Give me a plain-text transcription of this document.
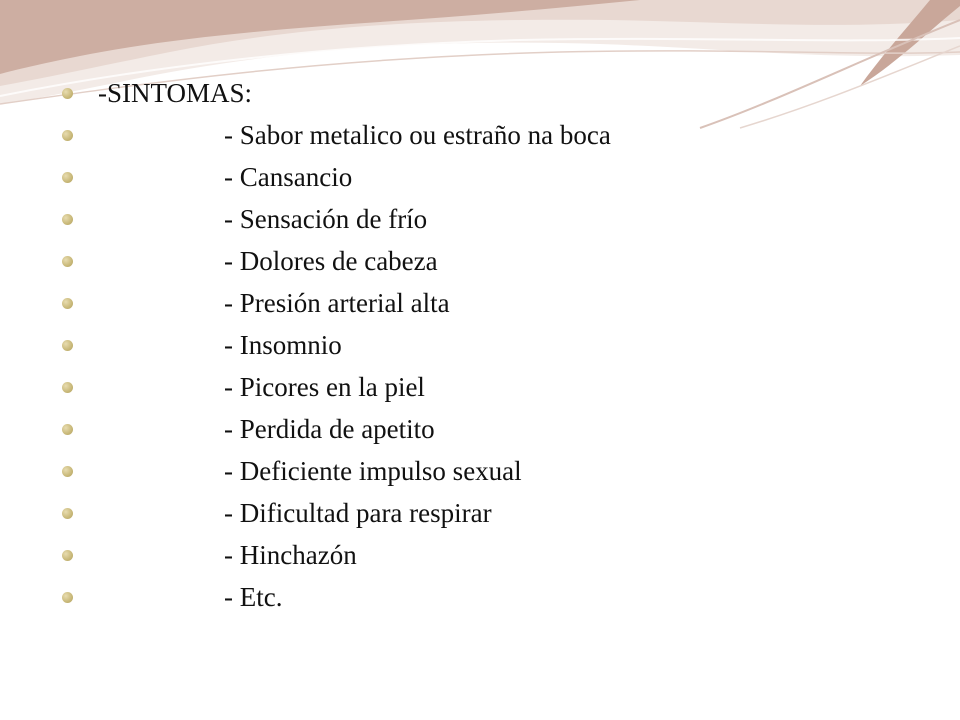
-SINTOMAS:
- Sabor metalico ou estraño na boca
- Cansancio
- Sensación de frío
- Dolores de cabeza
- Presión arterial alta
- Insomnio
- Picores en la piel
- Perdida de apetito
- Deficiente impulso sexual
- Dificultad para respirar
- Hinchazón
- Etc.
